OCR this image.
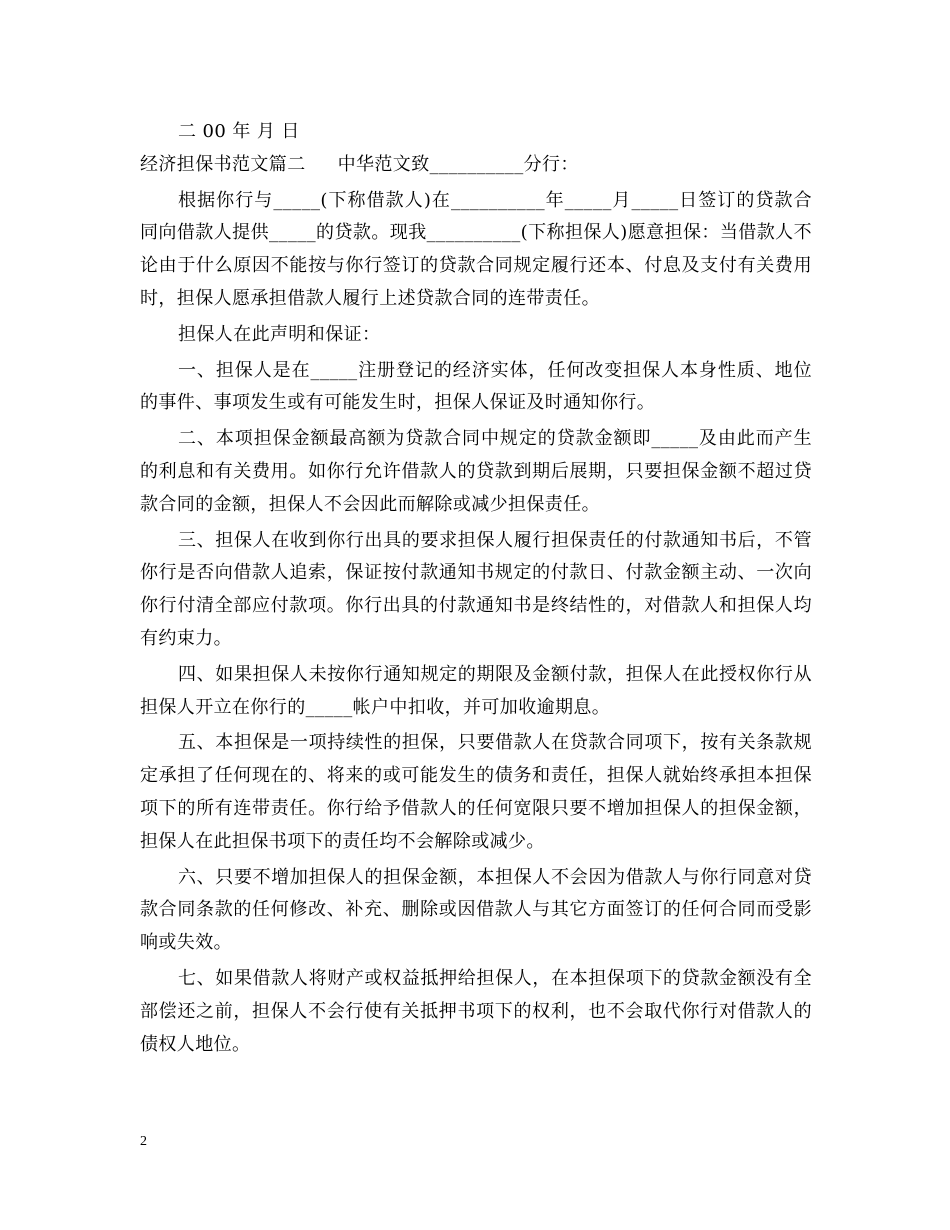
二 00 年 月 日

经济担保书范文篇二 中华范文致__________分行：

根据你行与_____(下称借款人)在__________年_____月_____日签订的贷款合同向借款人提供_____的贷款。现我__________(下称担保人)愿意担保：当借款人不论由于什么原因不能按与你行签订的贷款合同规定履行还本、付息及支付有关费用时，担保人愿承担借款人履行上述贷款合同的连带责任。

担保人在此声明和保证：

一、担保人是在_____注册登记的经济实体，任何改变担保人本身性质、地位的事件、事项发生或有可能发生时，担保人保证及时通知你行。

二、本项担保金额最高额为贷款合同中规定的贷款金额即_____及由此而产生的利息和有关费用。如你行允许借款人的贷款到期后展期，只要担保金额不超过贷款合同的金额，担保人不会因此而解除或减少担保责任。

三、担保人在收到你行出具的要求担保人履行担保责任的付款通知书后，不管你行是否向借款人追索，保证按付款通知书规定的付款日、付款金额主动、一次向你行付清全部应付款项。你行出具的付款通知书是终结性的，对借款人和担保人均有约束力。

四、如果担保人未按你行通知规定的期限及金额付款，担保人在此授权你行从担保人开立在你行的_____帐户中扣收，并可加收逾期息。

五、本担保是一项持续性的担保，只要借款人在贷款合同项下，按有关条款规定承担了任何现在的、将来的或可能发生的债务和责任，担保人就始终承担本担保项下的所有连带责任。你行给予借款人的任何宽限只要不增加担保人的担保金额，担保人在此担保书项下的责任均不会解除或减少。

六、只要不增加担保人的担保金额，本担保人不会因为借款人与你行同意对贷款合同条款的任何修改、补充、删除或因借款人与其它方面签订的任何合同而受影响或失效。

七、如果借款人将财产或权益抵押给担保人，在本担保项下的贷款金额没有全部偿还之前，担保人不会行使有关抵押书项下的权利，也不会取代你行对借款人的债权人地位。

2
